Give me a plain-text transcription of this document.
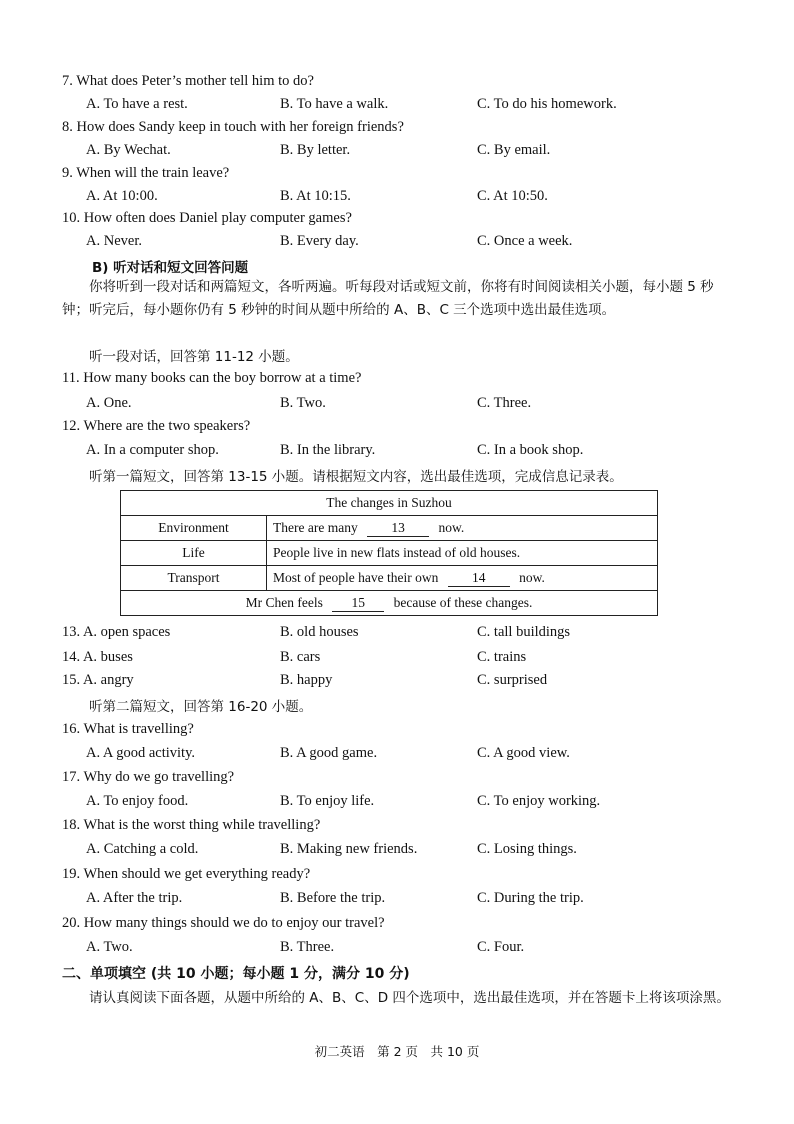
7. What does Peter’s mother tell him to do?
A. To have a rest.	B. To have a walk.	C. To do his homework.
8. How does Sandy keep in touch with her foreign friends?
A. By Wechat.	B. By letter.	C. By email.
9. When will the train leave?
A. At 10:00.	B. At 10:15.	C. At 10:50.
10. How often does Daniel play computer games?
A. Never.	B. Every day.	C. Once a week.
B) 听对话和短文回答问题
你将听到一段对话和两篇短文，各听两遍。听每段对话或短文前，你将有时间阅读相关小题，每小题 5 秒钟；听完后，每小题你仍有 5 秒钟的时间从题中所给的 A、B、C 三个选项中选出最佳选项。
听一段对话，回答第 11-12 小题。
11. How many books can the boy borrow at a time?
A. One.	B. Two.	C. Three.
12. Where are the two speakers?
A. In a computer shop.	B. In the library.	C. In a book shop.
听第一篇短文，回答第 13-15 小题。请根据短文内容，选出最佳选项，完成信息记录表。
The changes in Suzhou	
Environment	There are many 13 now.
Life	People live in new flats instead of old houses.
Transport	Most of people have their own 14 now.
Mr Chen feels 15 because of these changes.	
13. A. open spaces	B. old houses	C. tall buildings
14. A. buses	B. cars	C. trains
15. A. angry	B. happy	C. surprised
听第二篇短文，回答第 16-20 小题。
16. What is travelling?
A. A good activity.	B. A good game.	C. A good view.
17. Why do we go travelling?
A. To enjoy food.	B. To enjoy life.	C. To enjoy working.
18. What is the worst thing while travelling?
A. Catching a cold.	B. Making new friends.	C. Losing things.
19. When should we get everything ready?
A. After the trip.	B. Before the trip.	C. During the trip.
20. How many things should we do to enjoy our travel?
A. Two.	B. Three.	C. Four.
二、单项填空 (共 10 小题；每小题 1 分，满分 10 分)
请认真阅读下面各题，从题中所给的 A、B、C、D 四个选项中，选出最佳选项，并在答题卡上将该项涂黑。
初二英语　第 2 页　共 10 页
